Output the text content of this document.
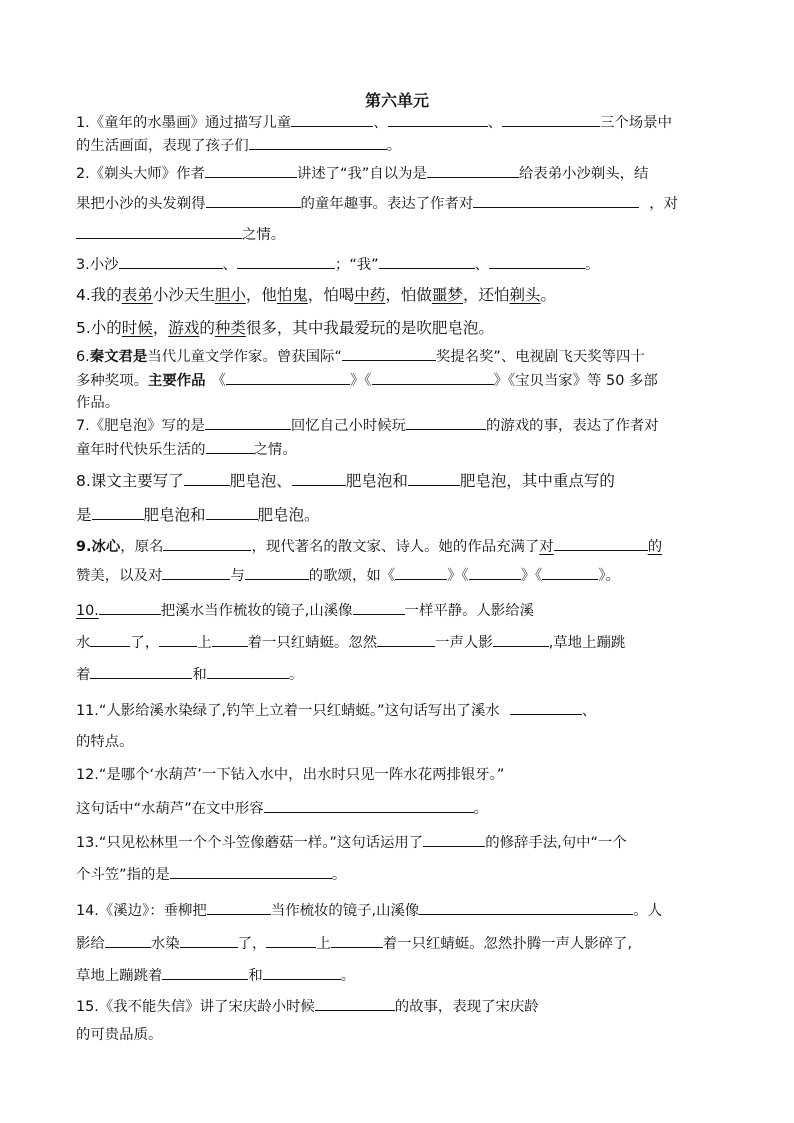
第六单元
1.《童年的水墨画》通过描写儿童	、	、	三个场景中
的生活画面，表现了孩子们	。
2.《剃头大师》作者	讲述了“我”自以为是	给表弟小沙剃头，结
果把小沙的头发剃得	的童年趣事。表达了作者对	，对
之情。
3.小沙	、	；“我”	、	。
4.我的表弟小沙天生胆小，他怕鬼，怕喝中药，怕做噩梦，还怕剃头。
5.小的时候，游戏的种类很多，其中我最爱玩的是吹肥皂泡。
6.秦文君是当代儿童文学作家。曾获国际“	奖提名奖”、电视剧飞天奖等四十
多种奖项。主要作品 《	》《	》《宝贝当家》等 50 多部
作品。
7.《肥皂泡》写的是	回忆自己小时候玩	的游戏的事，表达了作者对
童年时代快乐生活的	之情。
8.课文主要写了	肥皂泡、	肥皂泡和	肥皂泡，其中重点写的
是	肥皂泡和	肥皂泡。
9.冰心，原名	，现代著名的散文家、诗人。她的作品充满了对	的
赞美，以及对	与	的歌颂，如《	》《	》《	》。
10.	把溪水当作梳妆的镜子,山溪像	一样平静。人影给溪
水	了，	上	着一只红蜻蜓。忽然	一声人影	,草地上蹦跳
着	和	。
11.“人影给溪水染绿了,钓竿上立着一只红蜻蜓。”这句话写出了溪水	、
的特点。
12.“是哪个‘水葫芦’一下钻入水中，出水时只见一阵水花两排银牙。”
这句话中“水葫芦”在文中形容	。
13.“只见松林里一个个斗笠像蘑菇一样。”这句话运用了	的修辞手法,句中“一个
个斗笠”指的是	。
14.《溪边》：垂柳把	当作梳妆的镜子,山溪像	。人
影给	水染	了，	上	着一只红蜻蜓。忽然扑腾一声人影碎了,
草地上蹦跳着	和	。
15.《我不能失信》讲了宋庆龄小时候	的故事，表现了宋庆龄
的可贵品质。
